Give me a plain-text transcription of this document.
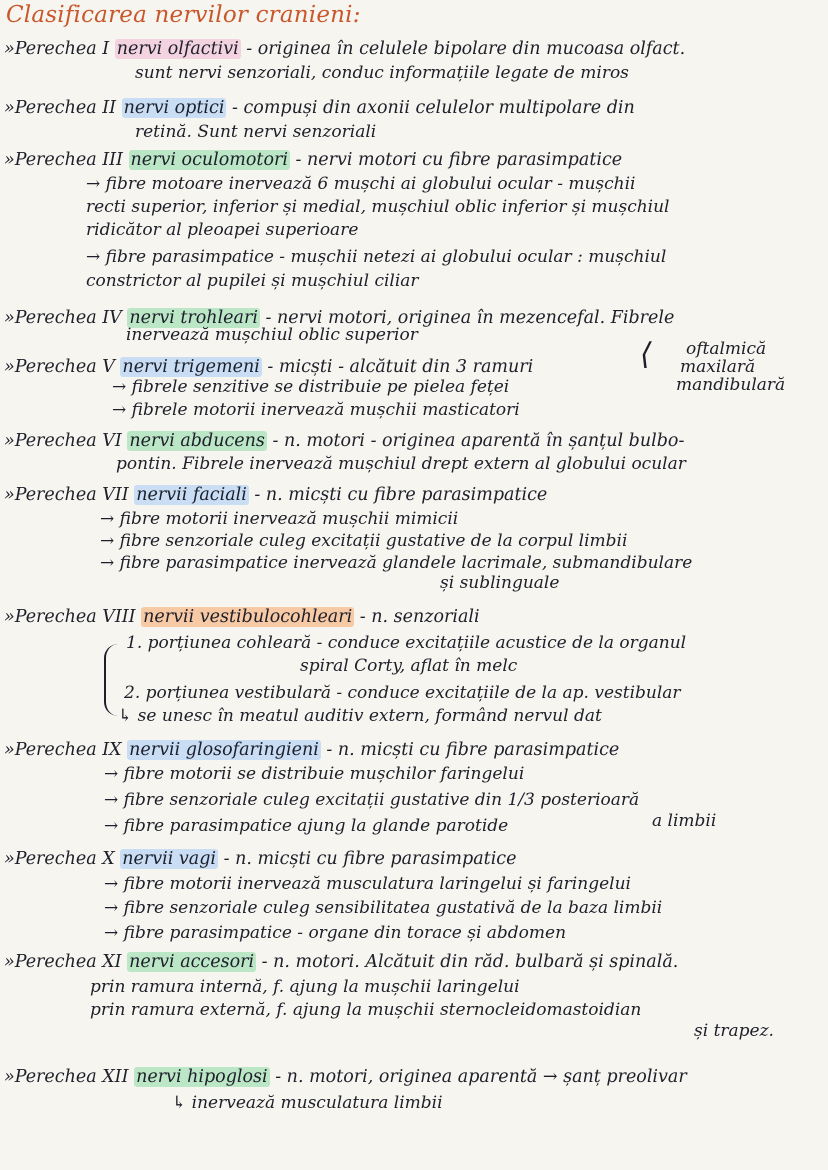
Clasificarea nervilor cranieni:
»Perechea I nervi olfactivi - originea în celulele bipolare din mucoasa olfact.
sunt nervi senzoriali, conduc informațiile legate de miros
»Perechea II nervi optici - compuși din axonii celulelor multipolare din
retină. Sunt nervi senzoriali
»Perechea III nervi oculomotori - nervi motori cu fibre parasimpatice
→ fibre motoare inervează 6 mușchi ai globului ocular - mușchii
recti superior, inferior și medial, mușchiul oblic inferior și mușchiul
ridicător al pleoapei superioare
→ fibre parasimpatice - mușchii netezi ai globului ocular : mușchiul
constrictor al pupilei și mușchiul ciliar
»Perechea IV nervi trohleari - nervi motori, originea în mezencefal. Fibrele
inervează mușchiul oblic superior
»Perechea V nervi trigemeni - micști - alcătuit din 3 ramuri	⟨ oftalmică
maxilară
mandibulară
→ fibrele senzitive se distribuie pe pielea feței
→ fibrele motorii inervează mușchii masticatori
»Perechea VI nervi abducens - n. motori - originea aparentă în șanțul bulbo-
pontin. Fibrele inervează mușchiul drept extern al globului ocular
»Perechea VII nervii faciali - n. micști cu fibre parasimpatice
→ fibre motorii inervează mușchii mimicii
→ fibre senzoriale culeg excitații gustative de la corpul limbii
→ fibre parasimpatice inervează glandele lacrimale, submandibulare
și sublinguale
»Perechea VIII nervii vestibulocohleari - n. senzoriali
1. porțiunea cohleară - conduce excitațiile acustice de la organul
spiral Corty, aflat în melc
2. porțiunea vestibulară - conduce excitațiile de la ap. vestibular
↳ se unesc în meatul auditiv extern, formând nervul dat
»Perechea IX nervii glosofaringieni - n. micști cu fibre parasimpatice
→ fibre motorii se distribuie mușchilor faringelui
→ fibre senzoriale culeg excitații gustative din 1/3 posterioară
→ fibre parasimpatice ajung la glande parotide	a limbii
»Perechea X nervii vagi - n. micști cu fibre parasimpatice
→ fibre motorii inervează musculatura laringelui și faringelui
→ fibre senzoriale culeg sensibilitatea gustativă de la baza limbii
→ fibre parasimpatice - organe din torace și abdomen
»Perechea XI nervi accesori - n. motori. Alcătuit din răd. bulbară și spinală.
prin ramura internă, f. ajung la mușchii laringelui
prin ramura externă, f. ajung la mușchii sternocleidomastoidian
și trapez.
»Perechea XII nervi hipoglosi - n. motori, originea aparentă → șanț preolivar
↳ inervează musculatura limbii
